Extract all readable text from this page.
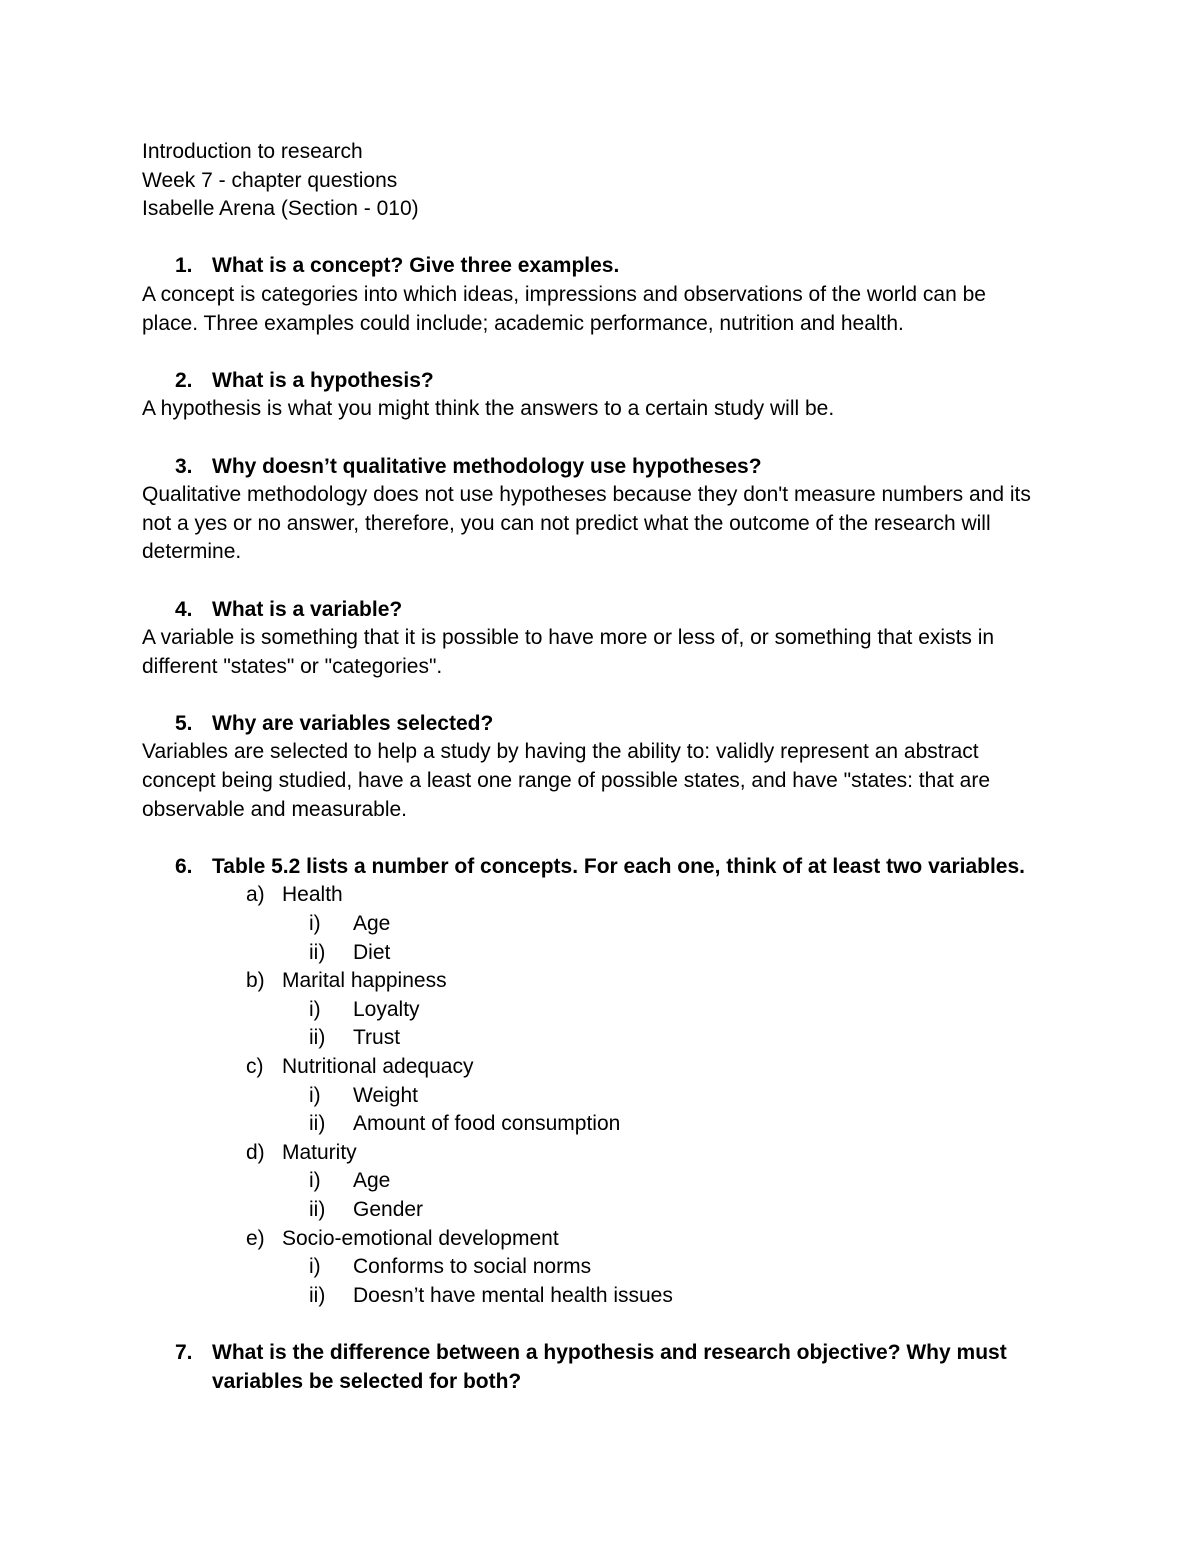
Introduction to research

Week 7 - chapter questions

Isabelle Arena (Section - 010)

1. What is a concept? Give three examples.

A concept is categories into which ideas, impressions and observations of the world can be

place. Three examples could include; academic performance, nutrition and health.

2. What is a hypothesis?

A hypothesis is what you might think the answers to a certain study will be.

3. Why doesn’t qualitative methodology use hypotheses?

Qualitative methodology does not use hypotheses because they don't measure numbers and its

not a yes or no answer, therefore, you can not predict what the outcome of the research will

determine.

4. What is a variable?

A variable is something that it is possible to have more or less of, or something that exists in

different "states" or "categories".

5. Why are variables selected?

Variables are selected to help a study by having the ability to: validly represent an abstract

concept being studied, have a least one range of possible states, and have "states: that are

observable and measurable.

6. Table 5.2 lists a number of concepts. For each one, think of at least two variables.
a) Health
i)	Age
ii)	Diet
b) Marital happiness
i)	Loyalty
ii)	Trust
c) Nutritional adequacy
i)	Weight
ii)	Amount of food consumption
d) Maturity
i)	Age
ii)	Gender
e) Socio-emotional development
i)	Conforms to social norms
ii)	Doesn’t have mental health issues
7. What is the difference between a hypothesis and research objective? Why must
variables be selected for both?
